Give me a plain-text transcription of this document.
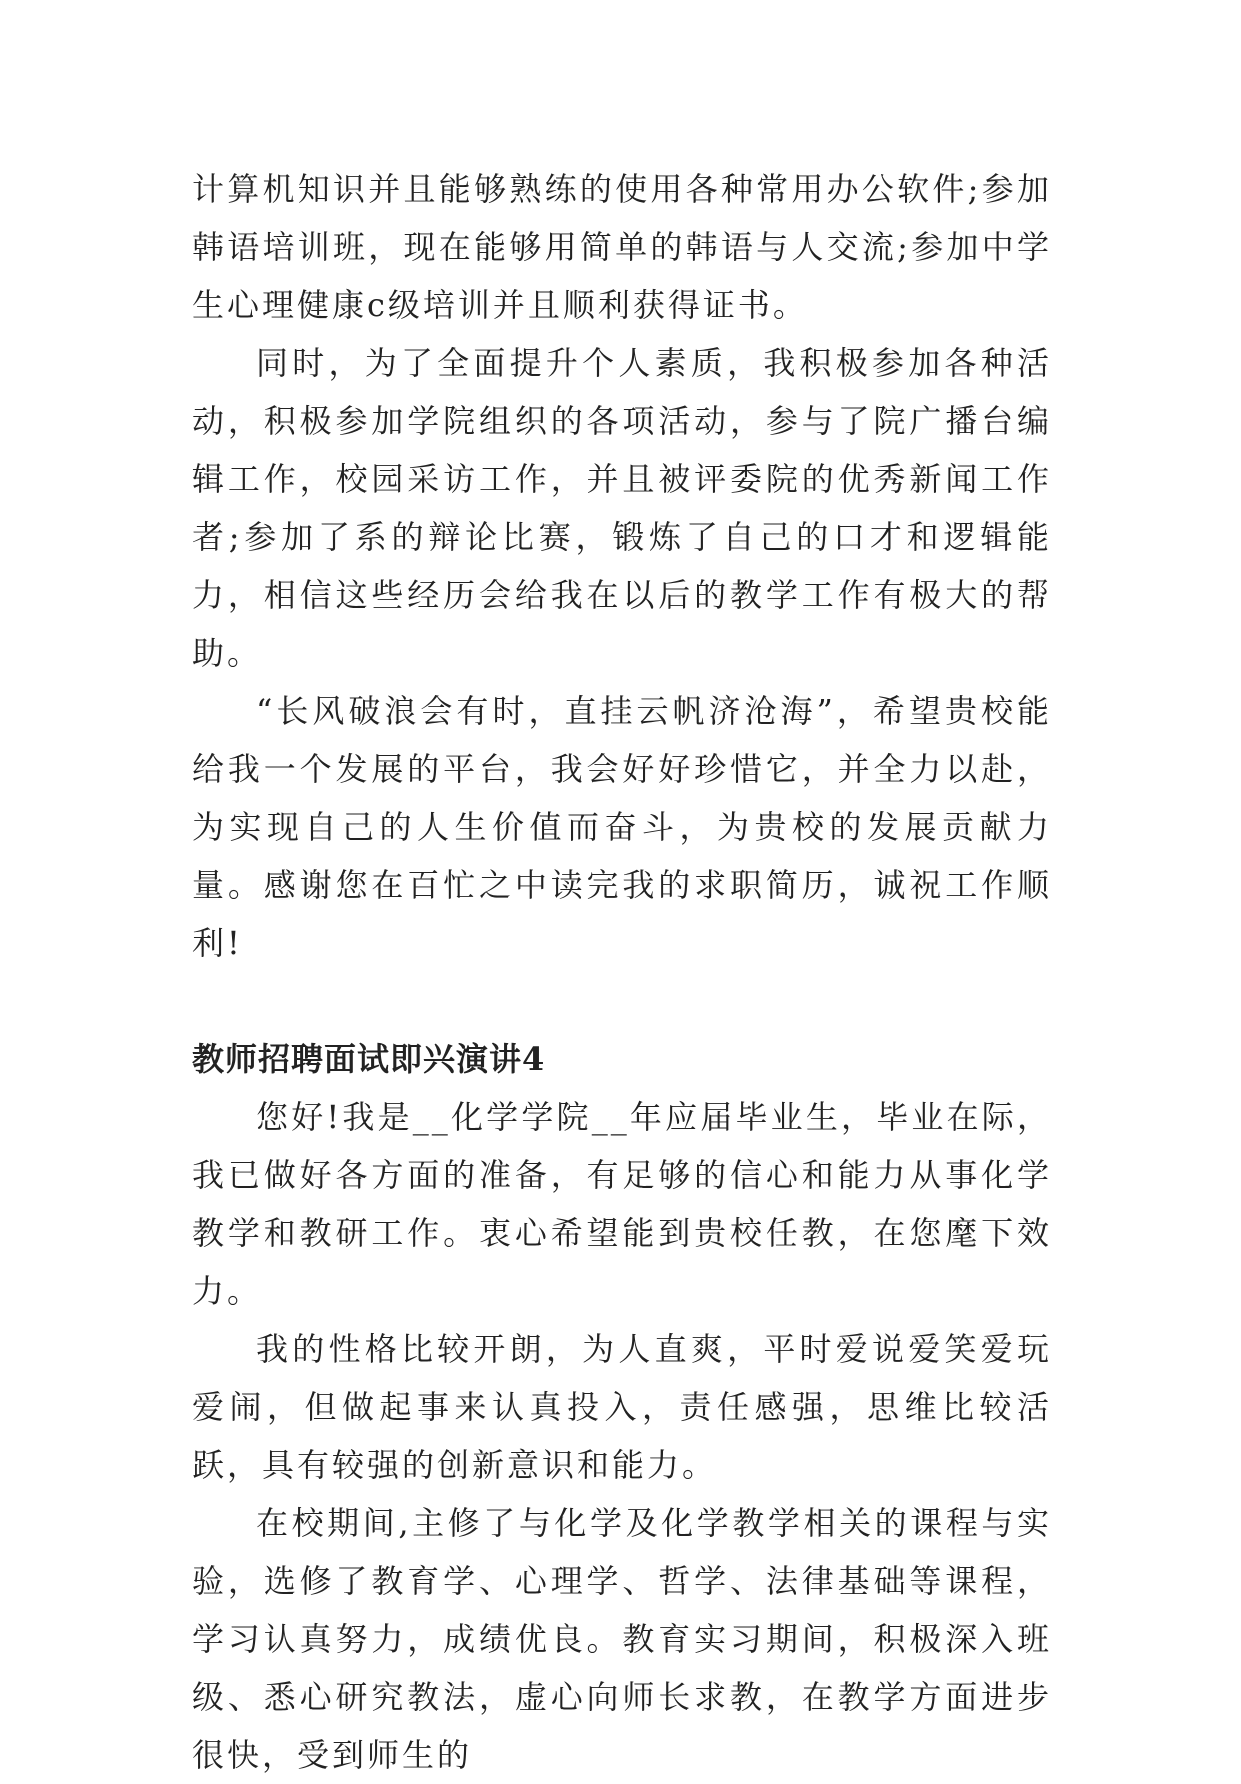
计算机知识并且能够熟练的使用各种常用办公软件;参加韩语培训班，现在能够用简单的韩语与人交流;参加中学生心理健康c级培训并且顺利获得证书。

同时，为了全面提升个人素质，我积极参加各种活动，积极参加学院组织的各项活动，参与了院广播台编辑工作，校园采访工作，并且被评委院的优秀新闻工作者;参加了系的辩论比赛，锻炼了自己的口才和逻辑能力，相信这些经历会给我在以后的教学工作有极大的帮助。

“长风破浪会有时，直挂云帆济沧海”，希望贵校能给我一个发展的平台，我会好好珍惜它，并全力以赴，为实现自己的人生价值而奋斗，为贵校的发展贡献力量。感谢您在百忙之中读完我的求职简历，诚祝工作顺利!

教师招聘面试即兴演讲4

您好!我是__化学学院__年应届毕业生，毕业在际，我已做好各方面的准备，有足够的信心和能力从事化学教学和教研工作。衷心希望能到贵校任教，在您麾下效力。

我的性格比较开朗，为人直爽，平时爱说爱笑爱玩爱闹，但做起事来认真投入，责任感强，思维比较活跃，具有较强的创新意识和能力。

在校期间,主修了与化学及化学教学相关的课程与实验，选修了教育学、心理学、哲学、法律基础等课程，学习认真努力，成绩优良。教育实习期间，积极深入班级、悉心研究教法，虚心向师长求教，在教学方面进步很快，受到师生的
